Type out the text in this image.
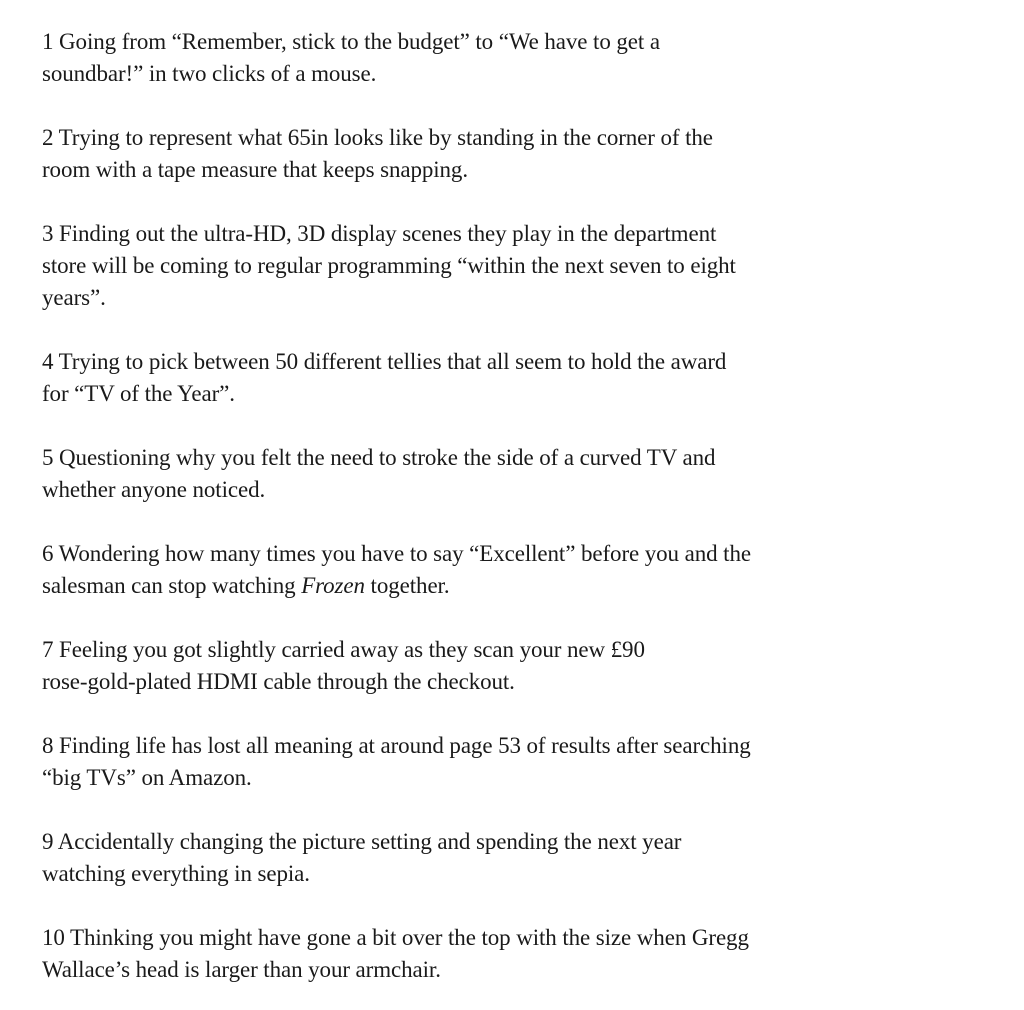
1 Going from “Remember, stick to the budget” to “We have to get a
soundbar!” in two clicks of a mouse.

2 Trying to represent what 65in looks like by standing in the corner of the
room with a tape measure that keeps snapping.

3 Finding out the ultra-HD, 3D display scenes they play in the department
store will be coming to regular programming “within the next seven to eight
years”.

4 Trying to pick between 50 different tellies that all seem to hold the award
for “TV of the Year”.

5 Questioning why you felt the need to stroke the side of a curved TV and
whether anyone noticed.

6 Wondering how many times you have to say “Excellent” before you and the
salesman can stop watching Frozen together.

7 Feeling you got slightly carried away as they scan your new £90
rose-gold-plated HDMI cable through the checkout.

8 Finding life has lost all meaning at around page 53 of results after searching
“big TVs” on Amazon.

9 Accidentally changing the picture setting and spending the next year
watching everything in sepia.

10 Thinking you might have gone a bit over the top with the size when Gregg
Wallace’s head is larger than your armchair.
